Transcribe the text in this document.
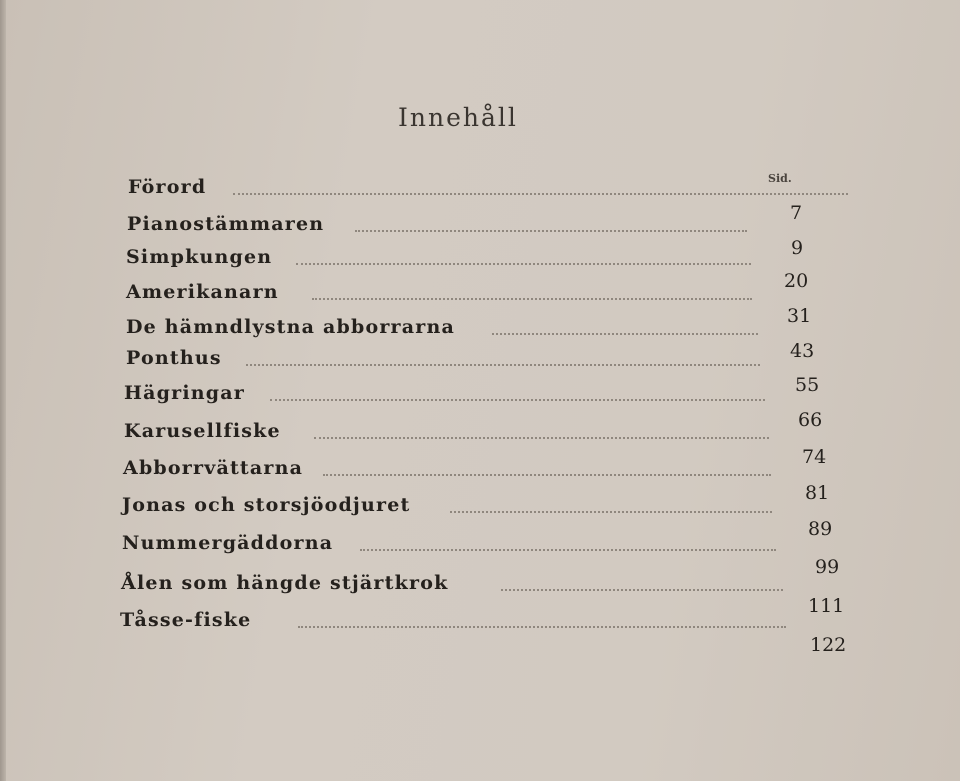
Innehåll
Sid.
Förord
7
Pianostämmaren
9
Simpkungen
20
Amerikanarn
31
De hämndlystna abborrarna
43
Ponthus
55
Hägringar
66
Karusellfiske
74
Abborrvättarna
81
Jonas och storsjöodjuret
89
Nummergäddorna
99
Ålen som hängde stjärtkrok
111
Tåsse-fiske
122
